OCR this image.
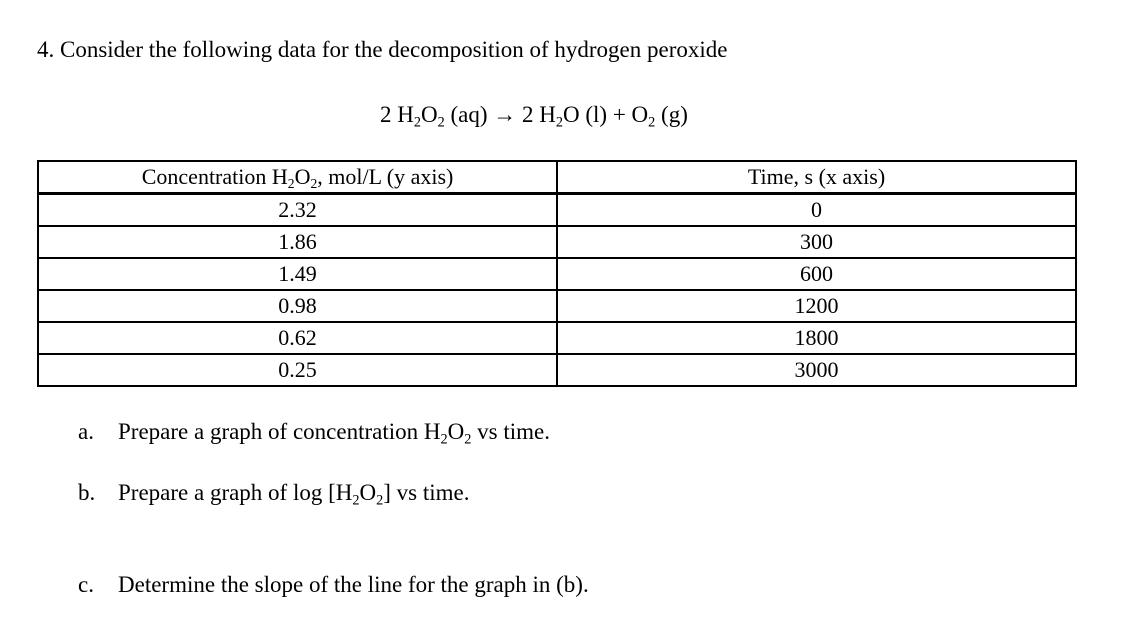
4. Consider the following data for the decomposition of hydrogen peroxide
2 $H_2O_2$ (aq) → 2 $H_2O$ $(l) + O_2$ (g)
Concentration $H_2O_2$, mol/L (y axis)	Time, s (x axis)
2.32	0
1.86	300
1.49	600
0.98	1200
0.62	1800
0.25	3000
a. Prepare a graph of concentration $H_2O_2$ vs time.
b. Prepare a graph of $\log [H_2O_2]$ vs time.
c. Determine the slope of the line for the graph in (b).
